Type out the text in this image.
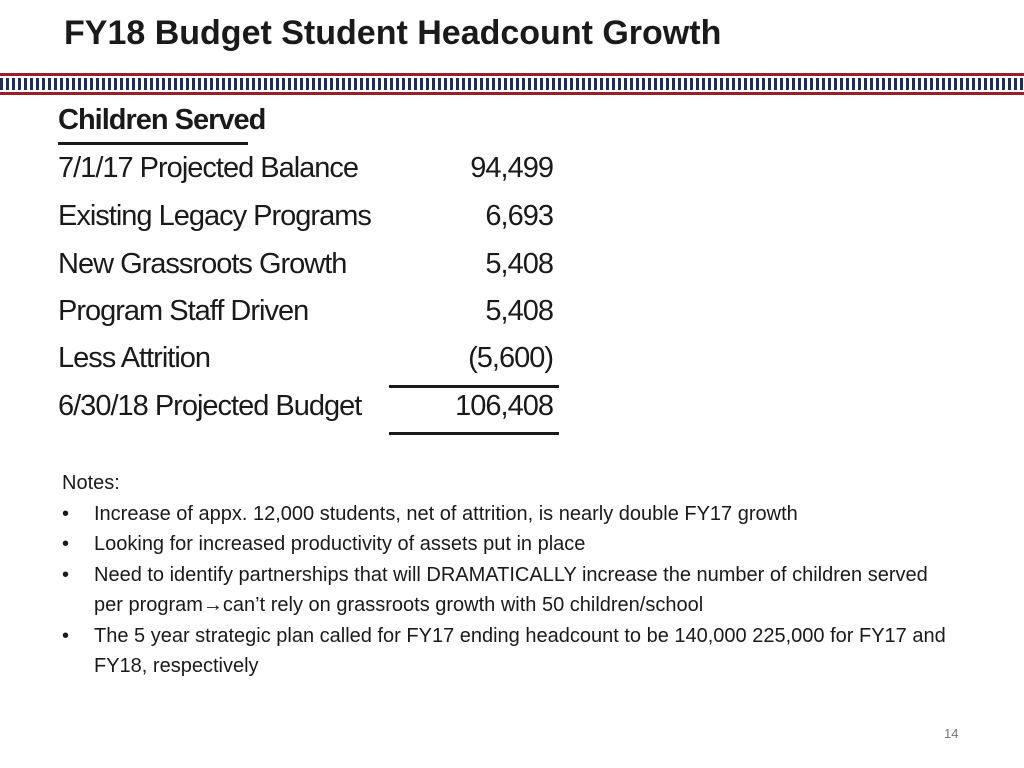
FY18 Budget Student Headcount Growth
Children Served
7/1/17 Projected Balance	94,499
Existing Legacy Programs	6,693
New Grassroots Growth	5,408
Program Staff Driven	5,408
Less Attrition	(5,600)
6/30/18 Projected Budget	106,408
Notes:
• Increase of appx. 12,000 students, net of attrition, is nearly double FY17 growth
• Looking for increased productivity of assets put in place
• Need to identify partnerships that will DRAMATICALLY increase the number of children served per program→can’t rely on grassroots growth with 50 children/school
• The 5 year strategic plan called for FY17 ending headcount to be 140,000 225,000 for FY17 and FY18, respectively
14
